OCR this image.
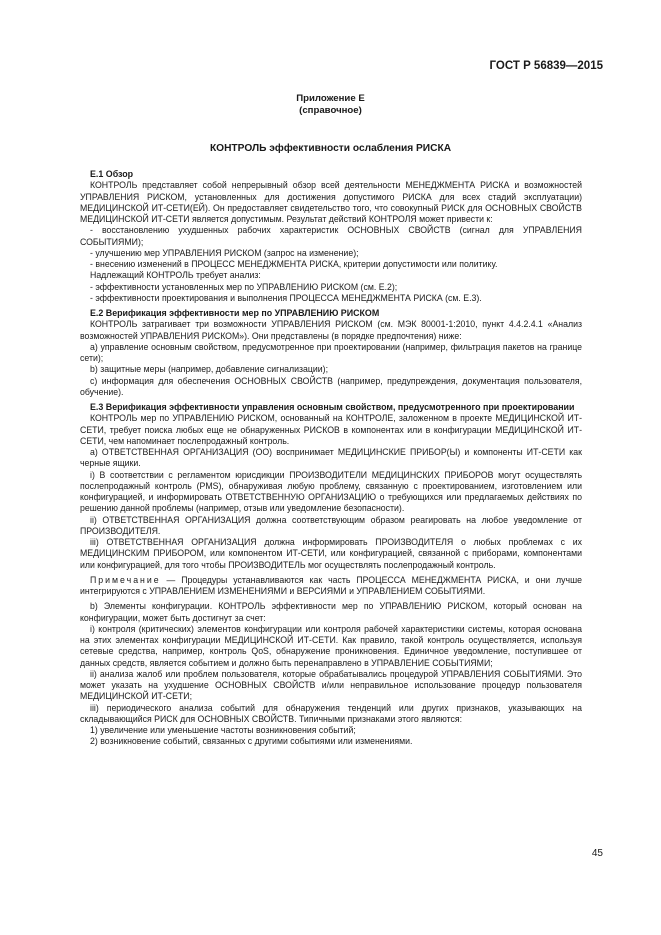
ГОСТ Р 56839—2015
Приложение Е
(справочное)
КОНТРОЛЬ эффективности ослабления РИСКА
Е.1 Обзор

КОНТРОЛЬ представляет собой непрерывный обзор всей деятельности МЕНЕДЖМЕНТА РИСКА и возможностей УПРАВЛЕНИЯ РИСКОМ, установленных для достижения допустимого РИСКА для всех стадий эксплуатации) МЕДИЦИНСКОЙ ИТ-СЕТИ(ЕЙ). Он предоставляет свидетельство того, что совокупный РИСК для ОСНОВНЫХ СВОЙСТВ МЕДИЦИНСКОЙ ИТ-СЕТИ является допустимым. Результат действий КОНТРОЛЯ может привести к:

- восстановлению ухудшенных рабочих характеристик ОСНОВНЫХ СВОЙСТВ (сигнал для УПРАВЛЕНИЯ СОБЫТИЯМИ);

- улучшению мер УПРАВЛЕНИЯ РИСКОМ (запрос на изменение);

- внесению изменений в ПРОЦЕСС МЕНЕДЖМЕНТА РИСКА, критерии допустимости или политику.

Надлежащий КОНТРОЛЬ требует анализ:

- эффективности установленных мер по УПРАВЛЕНИЮ РИСКОМ (см. Е.2);

- эффективности проектирования и выполнения ПРОЦЕССА МЕНЕДЖМЕНТА РИСКА (см. Е.3).

Е.2 Верификация эффективности мер по УПРАВЛЕНИЮ РИСКОМ

КОНТРОЛЬ затрагивает три возможности УПРАВЛЕНИЯ РИСКОМ (см. МЭК 80001-1:2010, пункт 4.4.2.4.1 «Анализ возможностей УПРАВЛЕНИЯ РИСКОМ»). Они представлены (в порядке предпочтения) ниже:

a) управление основным свойством, предусмотренное при проектировании (например, фильтрация пакетов на границе сети);

b) защитные меры (например, добавление сигнализации);

c) информация для обеспечения ОСНОВНЫХ СВОЙСТВ (например, предупреждения, документация пользователя, обучение).

Е.3 Верификация эффективности управления основным свойством, предусмотренного при проектировании

КОНТРОЛЬ мер по УПРАВЛЕНИЮ РИСКОМ, основанный на КОНТРОЛЕ, заложенном в проекте МЕДИЦИНСКОЙ ИТ-СЕТИ, требует поиска любых еще не обнаруженных РИСКОВ в компонентах или в конфигурации МЕДИЦИНСКОЙ ИТ-СЕТИ, чем напоминает послепродажный контроль.

a) ОТВЕТСТВЕННАЯ ОРГАНИЗАЦИЯ (ОО) воспринимает МЕДИЦИНСКИЕ ПРИБОР(Ы) и компоненты ИТ-СЕТИ как черные ящики.

i) В соответствии с регламентом юрисдикции ПРОИЗВОДИТЕЛИ МЕДИЦИНСКИХ ПРИБОРОВ могут осуществлять послепродажный контроль (PMS), обнаруживая любую проблему, связанную с проектированием, изготовлением или конфигурацией, и информировать ОТВЕТСТВЕННУЮ ОРГАНИЗАЦИЮ о требующихся или предлагаемых действиях по решению данной проблемы (например, отзыв или уведомление безопасности).

ii) ОТВЕТСТВЕННАЯ ОРГАНИЗАЦИЯ должна соответствующим образом реагировать на любое уведомление от ПРОИЗВОДИТЕЛЯ.

iii) ОТВЕТСТВЕННАЯ ОРГАНИЗАЦИЯ должна информировать ПРОИЗВОДИТЕЛЯ о любых проблемах с их МЕДИЦИНСКИМ ПРИБОРОМ, или компонентом ИТ-СЕТИ, или конфигурацией, связанной с приборами, компонентами или конфигурацией, для того чтобы ПРОИЗВОДИТЕЛЬ мог осуществлять послепродажный контроль.

Примечание — Процедуры устанавливаются как часть ПРОЦЕССА МЕНЕДЖМЕНТА РИСКА, и они лучше интегрируются с УПРАВЛЕНИЕМ ИЗМЕНЕНИЯМИ и ВЕРСИЯМИ и УПРАВЛЕНИЕМ СОБЫТИЯМИ.

b) Элементы конфигурации. КОНТРОЛЬ эффективности мер по УПРАВЛЕНИЮ РИСКОМ, который основан на конфигурации, может быть достигнут за счет:

i) контроля (критических) элементов конфигурации или контроля рабочей характеристики системы, которая основана на этих элементах конфигурации МЕДИЦИНСКОЙ ИТ-СЕТИ. Как правило, такой контроль осуществляется, используя сетевые средства, например, контроль QoS, обнаружение проникновения. Единичное уведомление, поступившее от данных средств, является событием и должно быть перенаправлено в УПРАВЛЕНИЕ СОБЫТИЯМИ;

ii) анализа жалоб или проблем пользователя, которые обрабатывались процедурой УПРАВЛЕНИЯ СОБЫТИЯМИ. Это может указать на ухудшение ОСНОВНЫХ СВОЙСТВ и/или неправильное использование процедур пользователя МЕДИЦИНСКОЙ ИТ-СЕТИ;

iii) периодического анализа событий для обнаружения тенденций или других признаков, указывающих на складывающийся РИСК для ОСНОВНЫХ СВОЙСТВ. Типичными признаками этого являются:

1) увеличение или уменьшение частоты возникновения событий;

2) возникновение событий, связанных с другими событиями или изменениями.

45
